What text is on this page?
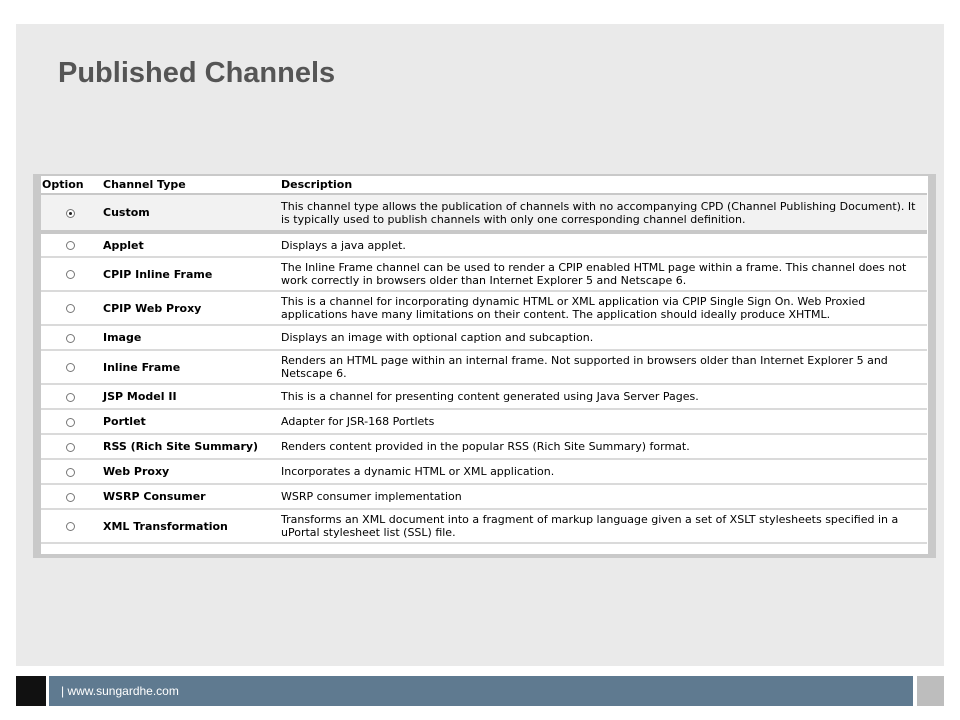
Published Channels
Option	Channel Type	Description
	Custom	This channel type allows the publication of channels with no accompanying CPD (Channel Publishing Document). It is typically used to publish channels with only one corresponding channel definition.
	Applet	Displays a java applet.
	CPIP Inline Frame	The Inline Frame channel can be used to render a CPIP enabled HTML page within a frame. This channel does not work correctly in browsers older than Internet Explorer 5 and Netscape 6.
	CPIP Web Proxy	This is a channel for incorporating dynamic HTML or XML application via CPIP Single Sign On. Web Proxied applications have many limitations on their content. The application should ideally produce XHTML.
	Image	Displays an image with optional caption and subcaption.
	Inline Frame	Renders an HTML page within an internal frame. Not supported in browsers older than Internet Explorer 5 and Netscape 6.
	JSP Model II	This is a channel for presenting content generated using Java Server Pages.
	Portlet	Adapter for JSR-168 Portlets
	RSS (Rich Site Summary)	Renders content provided in the popular RSS (Rich Site Summary) format.
	Web Proxy	Incorporates a dynamic HTML or XML application.
	WSRP Consumer	WSRP consumer implementation
	XML Transformation	Transforms an XML document into a fragment of markup language given a set of XSLT stylesheets specified in a uPortal stylesheet list (SSL) file.
| www.sungardhe.com
